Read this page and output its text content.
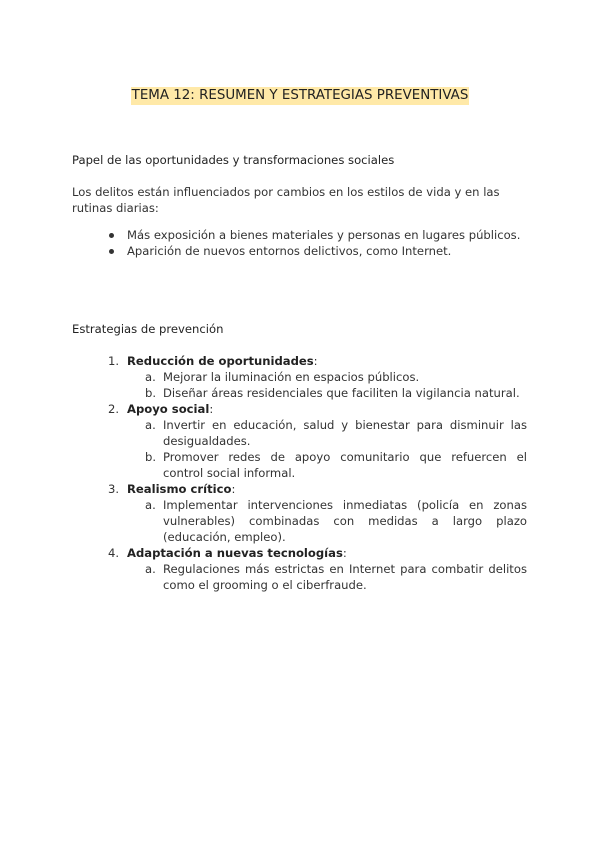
TEMA 12: RESUMEN Y ESTRATEGIAS PREVENTIVAS
Papel de las oportunidades y transformaciones sociales

Los delitos están influenciados por cambios en los estilos de vida y en las rutinas diarias:

Más exposición a bienes materiales y personas en lugares públicos.
Aparición de nuevos entornos delictivos, como Internet.
Estrategias de prevención
1. Reducción de oportunidades:
a. Mejorar la iluminación en espacios públicos.
b. Diseñar áreas residenciales que faciliten la vigilancia natural.
2. Apoyo social:
a. Invertir en educación, salud y bienestar para disminuir las desigualdades.
b. Promover redes de apoyo comunitario que refuercen el control social informal.
3. Realismo crítico:
a. Implementar intervenciones inmediatas (policía en zonas vulnerables) combinadas con medidas a largo plazo (educación, empleo).
4. Adaptación a nuevas tecnologías:
a. Regulaciones más estrictas en Internet para combatir delitos como el grooming o el ciberfraude.
